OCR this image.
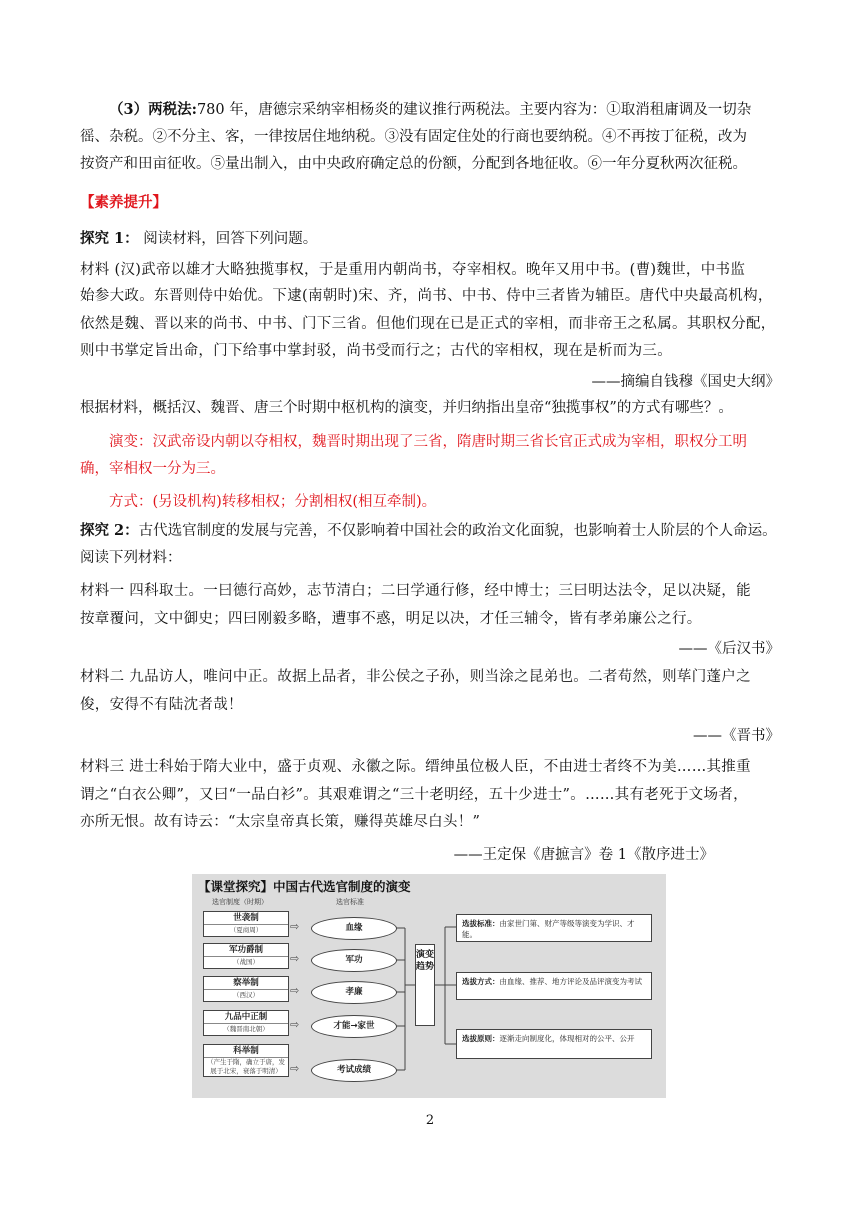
（3）两税法:780 年，唐德宗采纳宰相杨炎的建议推行两税法。主要内容为：①取消租庸调及一切杂

徭、杂税。②不分主、客，一律按居住地纳税。③没有固定住处的行商也要纳税。④不再按丁征税，改为

按资产和田亩征收。⑤量出制入，由中央政府确定总的份额，分配到各地征收。⑥一年分夏秋两次征税。

【素养提升】

探究 1： 阅读材料，回答下列问题。

材料 (汉)武帝以雄才大略独揽事权，于是重用内朝尚书，夺宰相权。晚年又用中书。(曹)魏世，中书监

始参大政。东晋则侍中始优。下逮(南朝时)宋、齐，尚书、中书、侍中三者皆为辅臣。唐代中央最高机构，

依然是魏、晋以来的尚书、中书、门下三省。但他们现在已是正式的宰相，而非帝王之私属。其职权分配，

则中书掌定旨出命，门下给事中掌封驳，尚书受而行之；古代的宰相权，现在是析而为三。

——摘编自钱穆《国史大纲》

根据材料，概括汉、魏晋、唐三个时期中枢机构的演变，并归纳指出皇帝“独揽事权”的方式有哪些？。

演变：汉武帝设内朝以夺相权，魏晋时期出现了三省，隋唐时期三省长官正式成为宰相，职权分工明

确，宰相权一分为三。

方式：(另设机构)转移相权；分割相权(相互牵制)。

探究 2：古代选官制度的发展与完善，不仅影响着中国社会的政治文化面貌，也影响着士人阶层的个人命运。

阅读下列材料：

材料一 四科取士。一曰德行高妙，志节清白；二曰学通行修，经中博士；三曰明达法令，足以决疑，能

按章覆问，文中御史；四曰刚毅多略，遭事不惑，明足以决，才任三辅令，皆有孝弟廉公之行。

——《后汉书》

材料二 九品访人，唯问中正。故据上品者，非公侯之子孙，则当涂之昆弟也。二者苟然，则荜门蓬户之

俊，安得不有陆沈者哉！

——《晋书》

材料三 进士科始于隋大业中，盛于贞观、永徽之际。缙绅虽位极人臣，不由进士者终不为美……其推重

谓之“白衣公卿”，又曰“一品白衫”。其艰难谓之“三十老明经，五十少进士”。……其有老死于文场者，

亦所无恨。故有诗云：“太宗皇帝真长策，赚得英雄尽白头！”

——王定保《唐摭言》卷 1《散序进士》

【课堂探究】中国古代选官制度的演变
选官制度（时期）	选官标准
世袭制
（夏商周）
军功爵制
（战国）
察举制
（西汉）
九品中正制
（魏晋南北朝）
科举制
（产生于隋，确立于唐，发展于北宋，衰落于明清）
⇨
⇨
⇨
⇨
⇨
血缘
军功
孝廉
才能→家世
考试成绩
演变趋势
选拔标准：由家世门第、财产等级等演变为学识、才能。
选拔方式：由血缘、推荐、地方评论及品评演变为考试
选拔原则：逐渐走向制度化，体现相对的公平、公开
2
